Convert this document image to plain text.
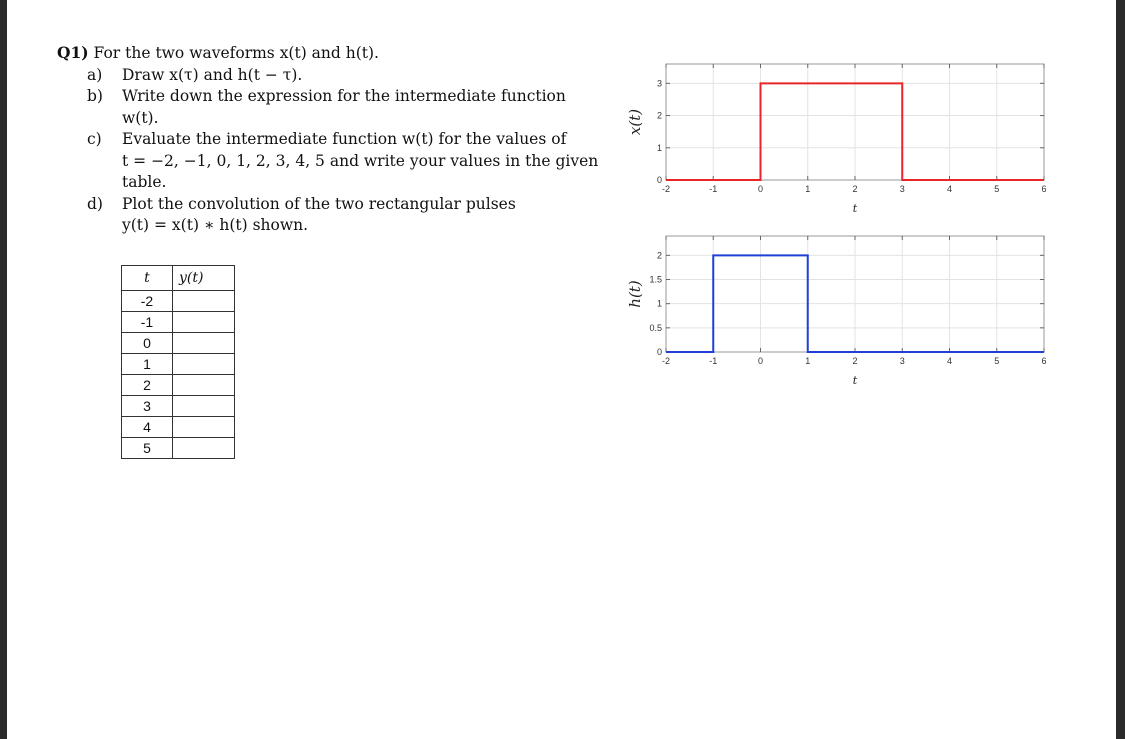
Q1) For the two waveforms x(t) and h(t).
a) Draw x(τ) and h(t − τ).
b) Write down the expression for the intermediate function
w(t).
c) Evaluate the intermediate function w(t) for the values of
t = −2, −1, 0, 1, 2, 3, 4, 5 and write your values in the given
table.
d) Plot the convolution of the two rectangular pulses
y(t) = x(t) ∗ h(t) shown.
t	y(t)
-2	
-1	
0	
1	
2	
3	
4	
5	
-2	-1	0	1	2	3	4	5	6
0
1
2
3
t
x(t)
-2	-1	0	1	2	3	4	5	6
0
0.5
1
1.5
2
t
h(t)
